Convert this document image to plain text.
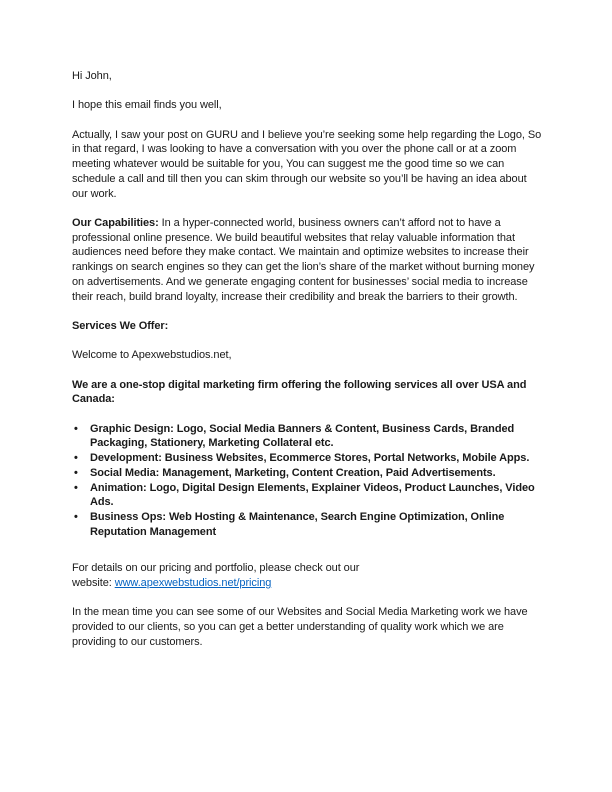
Hi John,

I hope this email finds you well,

Actually, I saw your post on GURU and I believe you’re seeking some help regarding the Logo, So in that regard, I was looking to have a conversation with you over the phone call or at a zoom meeting whatever would be suitable for you, You can suggest me the good time so we can schedule a call and till then you can skim through our website so you’ll be having an idea about our work.

Our Capabilities: In a hyper-connected world, business owners can’t afford not to have a professional online presence. We build beautiful websites that relay valuable information that audiences need before they make contact. We maintain and optimize websites to increase their rankings on search engines so they can get the lion’s share of the market without burning money on advertisements. And we generate engaging content for businesses’ social media to increase their reach, build brand loyalty, increase their credibility and break the barriers to their growth.

Services We Offer:

Welcome to Apexwebstudios.net,

We are a one-stop digital marketing firm offering the following services all over USA and Canada:

• Graphic Design: Logo, Social Media Banners & Content, Business Cards, Branded Packaging, Stationery, Marketing Collateral etc.
• Development: Business Websites, Ecommerce Stores, Portal Networks, Mobile Apps.
• Social Media: Management, Marketing, Content Creation, Paid Advertisements.
• Animation: Logo, Digital Design Elements, Explainer Videos, Product Launches, Video Ads.
• Business Ops: Web Hosting & Maintenance, Search Engine Optimization, Online Reputation Management

For details on our pricing and portfolio, please check out our
website: www.apexwebstudios.net/pricing

In the mean time you can see some of our Websites and Social Media Marketing work we have provided to our clients, so you can get a better understanding of quality work which we are providing to our customers.
